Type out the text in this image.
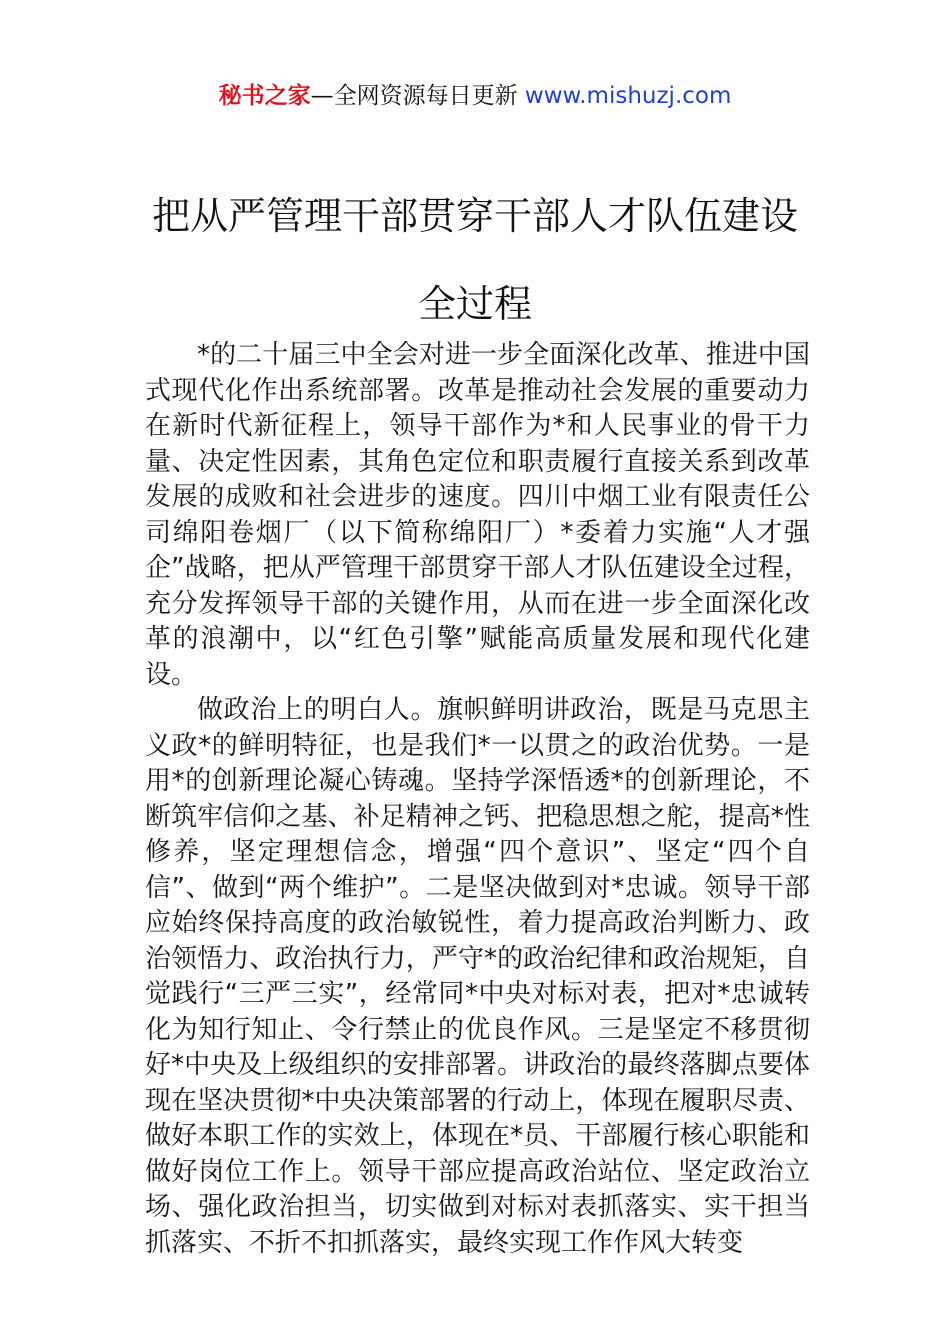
秘书之家—全网资源每日更新 www.mishuzj.com
把从严管理干部贯穿干部人才队伍建设全过程

*的二十届三中全会对进一步全面深化改革、推进中国式现代化作出系统部署。改革是推动社会发展的重要动力在新时代新征程上，领导干部作为*和人民事业的骨干力量、决定性因素，其角色定位和职责履行直接关系到改革发展的成败和社会进步的速度。四川中烟工业有限责任公司绵阳卷烟厂（以下简称绵阳厂）*委着力实施“人才强企”战略，把从严管理干部贯穿干部人才队伍建设全过程，充分发挥领导干部的关键作用，从而在进一步全面深化改革的浪潮中，以“红色引擎”赋能高质量发展和现代化建设。

做政治上的明白人。旗帜鲜明讲政治，既是马克思主义政*的鲜明特征，也是我们*一以贯之的政治优势。一是用*的创新理论凝心铸魂。坚持学深悟透*的创新理论，不断筑牢信仰之基、补足精神之钙、把稳思想之舵，提高*性修养，坚定理想信念，增强“四个意识”、坚定“四个自信”、做到“两个维护”。二是坚决做到对*忠诚。领导干部应始终保持高度的政治敏锐性，着力提高政治判断力、政治领悟力、政治执行力，严守*的政治纪律和政治规矩，自觉践行“三严三实”，经常同*中央对标对表，把对*忠诚转化为知行知止、令行禁止的优良作风。三是坚定不移贯彻好*中央及上级组织的安排部署。讲政治的最终落脚点要体现在坚决贯彻*中央决策部署的行动上，体现在履职尽责、做好本职工作的实效上，体现在*员、干部履行核心职能和做好岗位工作上。领导干部应提高政治站位、坚定政治立场、强化政治担当，切实做到对标对表抓落实、实干担当抓落实、不折不扣抓落实，最终实现工作作风大转变
